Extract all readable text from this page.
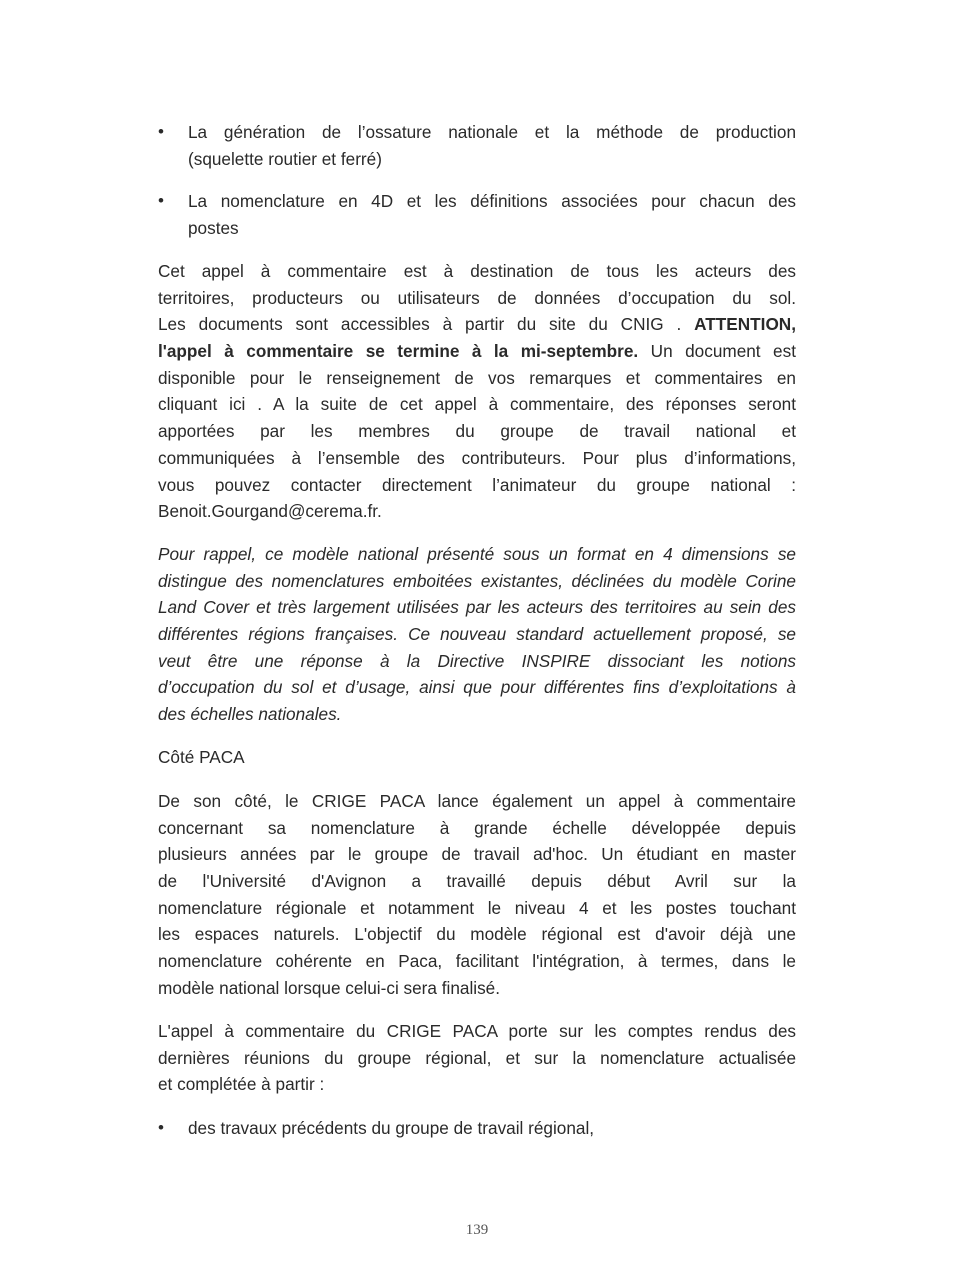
• La génération de l’ossature nationale et la méthode de production
(squelette routier et ferré)
• La nomenclature en 4D et les définitions associées pour chacun des
postes
Cet appel à commentaire est à destination de tous les acteurs des
territoires, producteurs ou utilisateurs de données d’occupation du sol.
Les documents sont accessibles à partir du site du CNIG . ATTENTION,
l'appel à commentaire se termine à la mi-septembre. Un document est
disponible pour le renseignement de vos remarques et commentaires en
cliquant ici . A la suite de cet appel à commentaire, des réponses seront
apportées par les membres du groupe de travail national et
communiquées à l’ensemble des contributeurs. Pour plus d’informations,
vous pouvez contacter directement l’animateur du groupe national :
Benoit.Gourgand@cerema.fr.
Pour rappel, ce modèle national présenté sous un format en 4 dimensions se
distingue des nomenclatures emboitées existantes, déclinées du modèle Corine
Land Cover et très largement utilisées par les acteurs des territoires au sein des
différentes régions françaises. Ce nouveau standard actuellement proposé, se
veut être une réponse à la Directive INSPIRE dissociant les notions
d’occupation du sol et d’usage, ainsi que pour différentes fins d’exploitations à
des échelles nationales.
Côté PACA
De son côté, le CRIGE PACA lance également un appel à commentaire
concernant sa nomenclature à grande échelle développée depuis
plusieurs années par le groupe de travail ad'hoc. Un étudiant en master
de l'Université d'Avignon a travaillé depuis début Avril sur la
nomenclature régionale et notamment le niveau 4 et les postes touchant
les espaces naturels. L'objectif du modèle régional est d'avoir déjà une
nomenclature cohérente en Paca, facilitant l'intégration, à termes, dans le
modèle national lorsque celui-ci sera finalisé.
L'appel à commentaire du CRIGE PACA porte sur les comptes rendus des
dernières réunions du groupe régional, et sur la nomenclature actualisée
et complétée à partir :
• des travaux précédents du groupe de travail régional,
139
